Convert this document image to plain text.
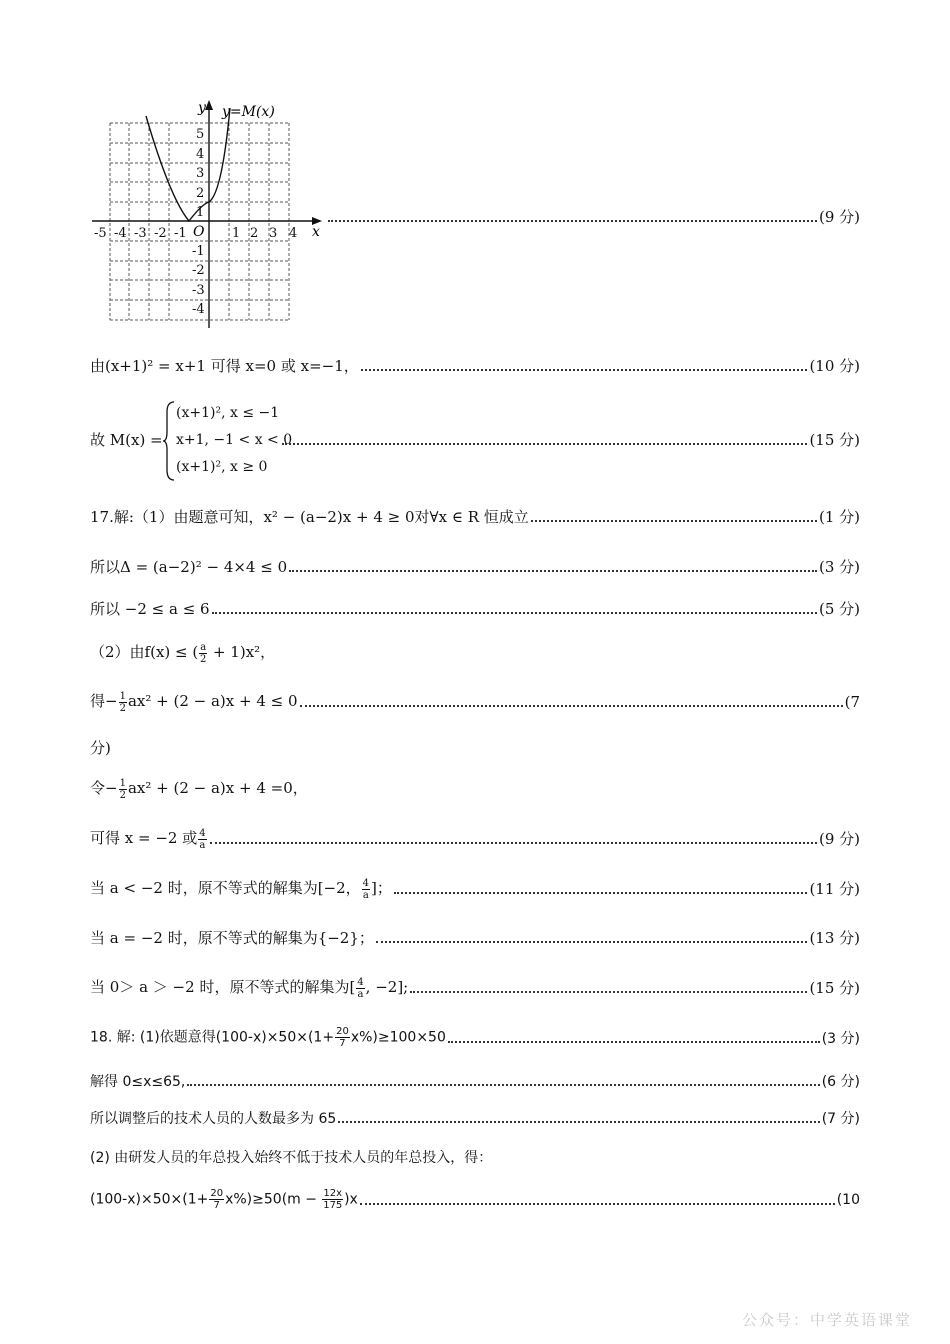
y y=M(x)
x
O
-5 -4 -3 -2 -1	1 2 3 4
5
4
3
2
1
-1
-2
-3
-4
(9 分)
由(x+1)² = x+1 可得 x=0 或 x=−1，	(10 分)
故 M(x) =
(x+1)², x ≤ −1
x+1, −1 < x < 0
(x+1)², x ≥ 0
(15 分)
17.解:（1）由题意可知，x² − (a−2)x + 4 ≥ 0对∀x ∈ R 恒成立	(1 分)
所以Δ = (a−2)² − 4×4 ≤ 0	(3 分)
所以 −2 ≤ a ≤ 6	(5 分)
（2）由f(x) ≤ ( $\frac{a}{2} + 1)x^2$，
得− $\frac{1}{2} ax^2 + (2 - a)x + 4 \le 0$	(7
分)
令− $\frac{1}{2} ax^2 + (2 - a)x + 4 =0$，
可得 x = −2 或 $\frac{4}{a}$	(9 分)
当 a < −2 时，原不等式的解集为[−2， $\frac{4}{a}$ ]；	(11 分)
当 a = −2 时，原不等式的解集为{−2}；	(13 分)
当 0＞ a ＞ −2 时，原不等式的解集为[ $\frac{4}{a}$ , −2];	(15 分)
18. 解: (1)依题意得$(100-x)\times 50\times(1+ \frac{20}{7} x\%)\ge 100\times 50$	(3 分)
解得 0≤x≤65,	(6 分)
所以调整后的技术人员的人数最多为 65	(7 分)
(2) 由研发人员的年总投入始终不低于技术人员的年总投入，得：
$(100-x)\times 50\times(1+ \frac{20}{7} x\%)\ge 50(m - \frac{12x}{175} )x$	(10
公众号：中学英语课堂
